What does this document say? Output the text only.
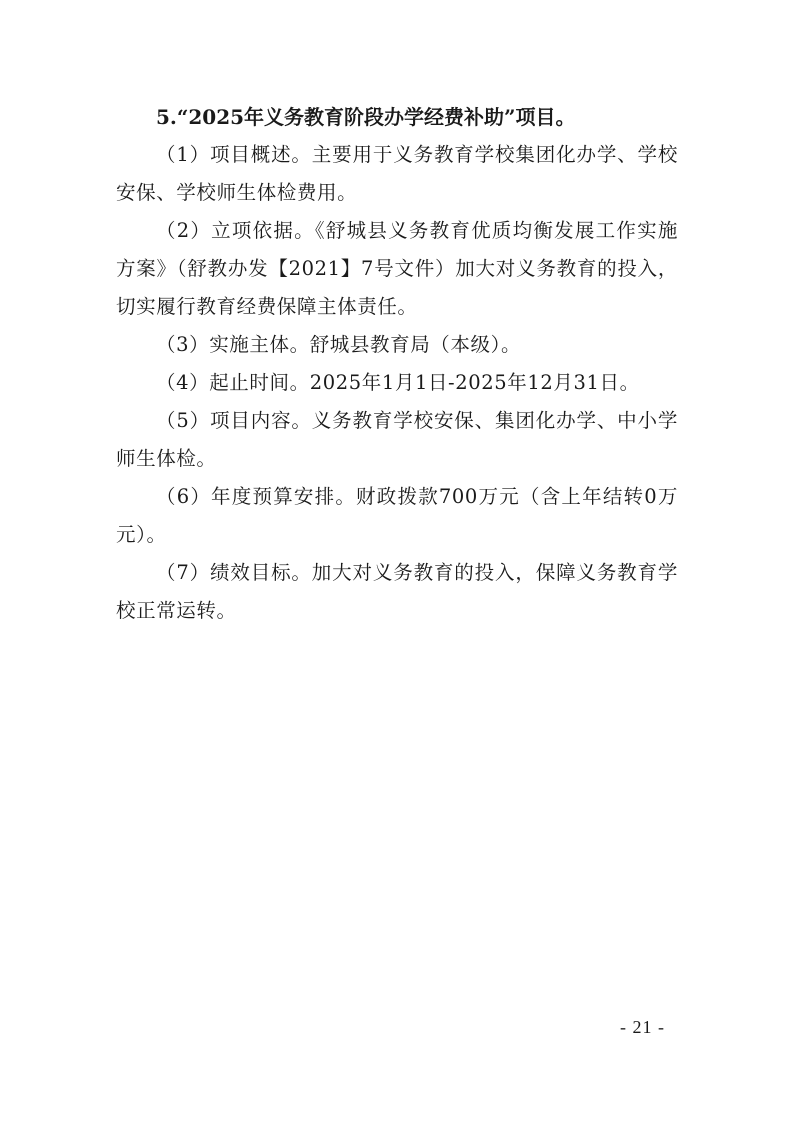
5.“2025年义务教育阶段办学经费补助”项目。

（1）项目概述。主要用于义务教育学校集团化办学、学校安保、学校师生体检费用。

（2）立项依据。《舒城县义务教育优质均衡发展工作实施方案》（舒教办发【2021】7号文件）加大对义务教育的投入，切实履行教育经费保障主体责任。

（3）实施主体。舒城县教育局（本级）。

（4）起止时间。2025年1月1日-2025年12月31日。

（5）项目内容。义务教育学校安保、集团化办学、中小学师生体检。

（6）年度预算安排。财政拨款700万元（含上年结转0万元）。

（7）绩效目标。加大对义务教育的投入，保障义务教育学校正常运转。

- 21 -
